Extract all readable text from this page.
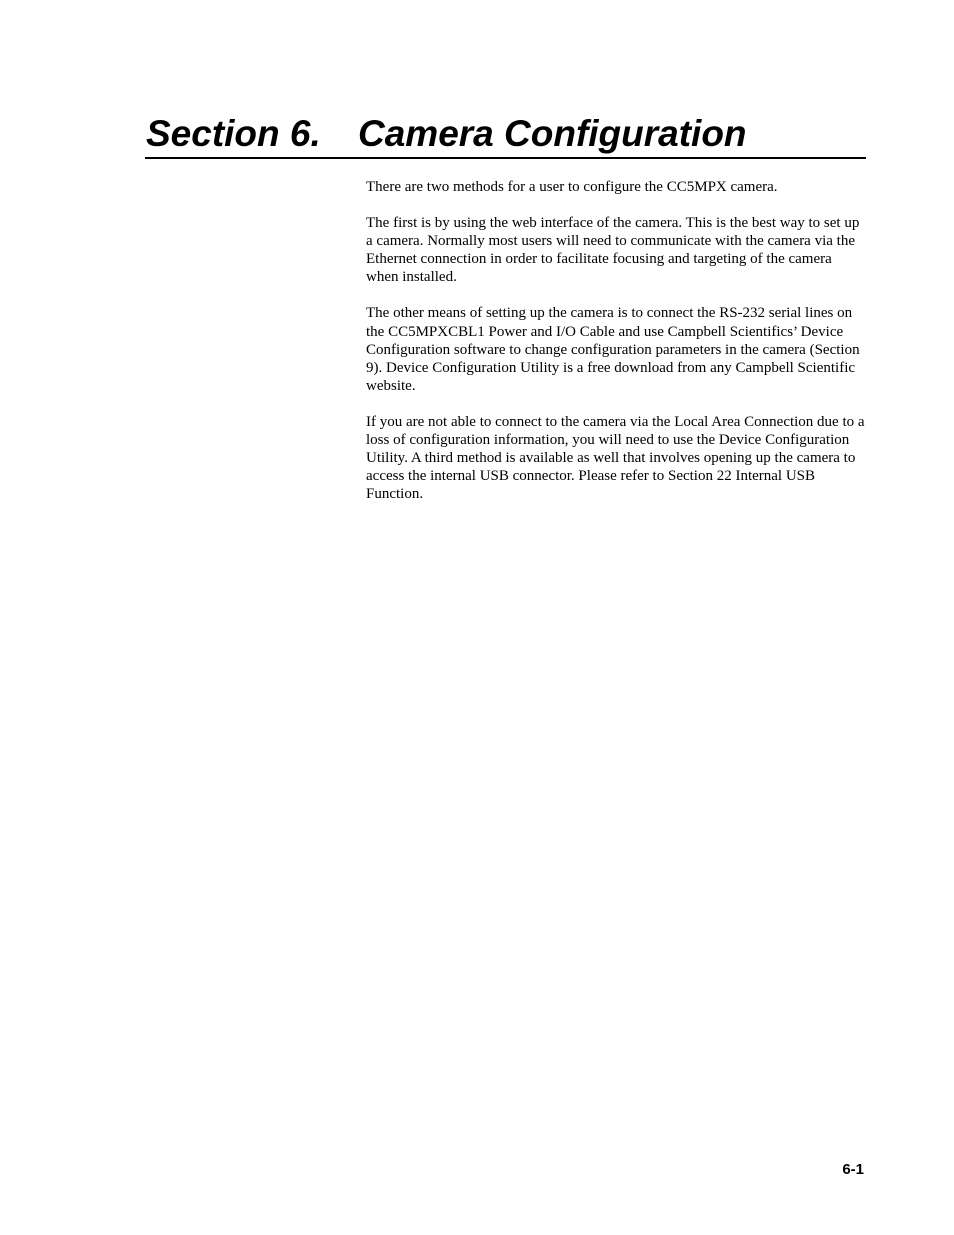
Section 6. Camera Configuration

There are two methods for a user to configure the CC5MPX camera.

The first is by using the web interface of the camera. This is the best way to set up a camera. Normally most users will need to communicate with the camera via the Ethernet connection in order to facilitate focusing and targeting of the camera when installed.

The other means of setting up the camera is to connect the RS-232 serial lines on the CC5MPXCBL1 Power and I/O Cable and use Campbell Scientifics’ Device Configuration software to change configuration parameters in the camera (Section 9). Device Configuration Utility is a free download from any Campbell Scientific website.

If you are not able to connect to the camera via the Local Area Connection due to a loss of configuration information, you will need to use the Device Configuration Utility. A third method is available as well that involves opening up the camera to access the internal USB connector. Please refer to Section 22 Internal USB Function.

6-1
